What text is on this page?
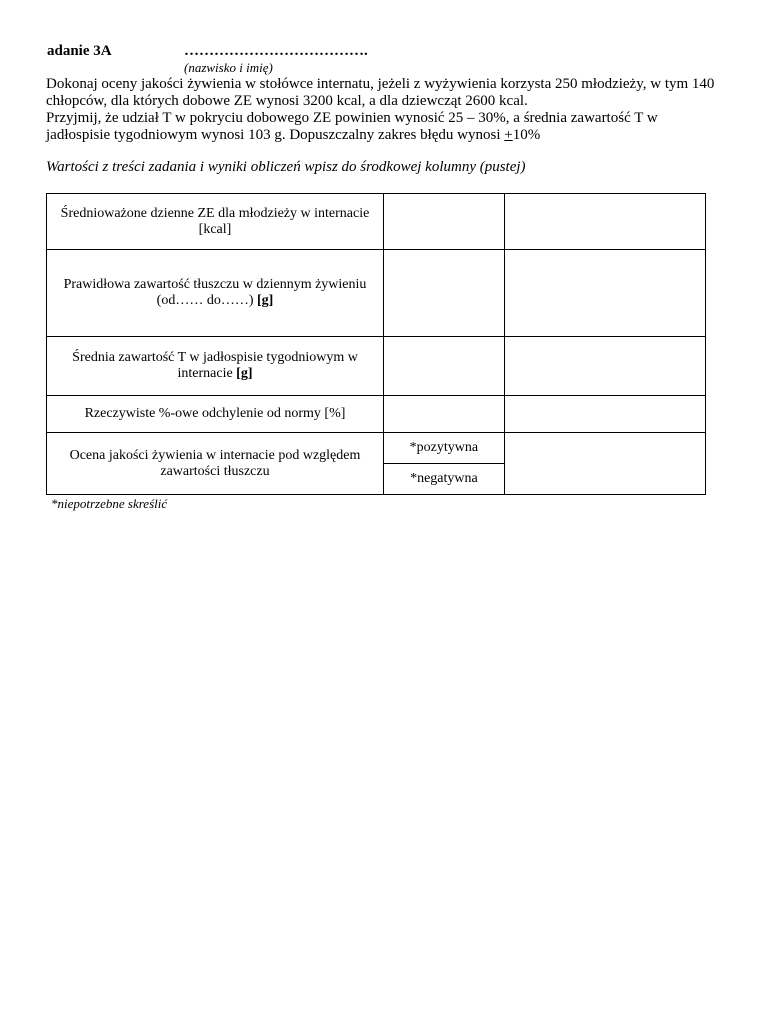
adanie 3A	……………………………….
(nazwisko i imię)

Dokonaj oceny jakości żywienia w stołówce internatu, jeżeli z wyżywienia korzysta 250 młodzieży, w tym 140 chłopców, dla których dobowe ZE wynosi 3200 kcal, a dla dziewcząt 2600 kcal.

Przyjmij, że udział T w pokryciu dobowego ZE powinien wynosić 25 – 30%, a średnia zawartość T w jadłospisie tygodniowym wynosi 103 g. Dopuszczalny zakres błędu wynosi +10%

Wartości z treści zadania i wyniki obliczeń wpisz do środkowej kolumny (pustej)
Średnioważone dzienne ZE dla młodzieży w internacie [kcal]		
Prawidłowa zawartość tłuszczu w dziennym żywieniu
(od…… do……) [g]		
Średnia zawartość T w jadłospisie tygodniowym w internacie [g]		
Rzeczywiste %-owe odchylenie od normy [%]		
Ocena jakości żywienia w internacie pod względem zawartości tłuszczu	*pozytywna	
	*negatywna	
*niepotrzebne skreślić
